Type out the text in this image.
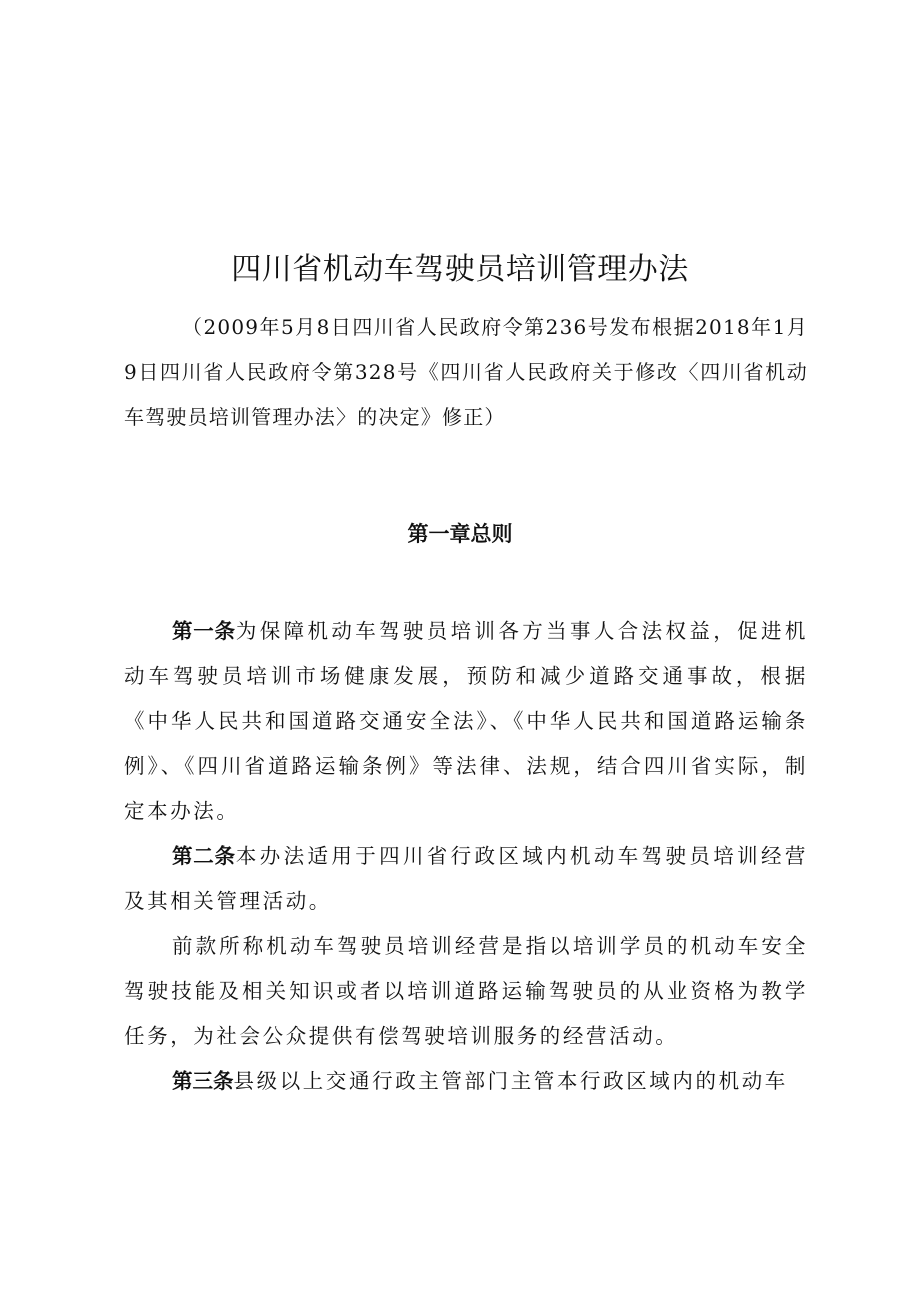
四川省机动车驾驶员培训管理办法
（2009年5月8日四川省人民政府令第236号发布根据2018年1月9日四川省人民政府令第328号《四川省人民政府关于修改〈四川省机动车驾驶员培训管理办法〉的决定》修正）
第一章总则

第一条为保障机动车驾驶员培训各方当事人合法权益，促进机动车驾驶员培训市场健康发展，预防和减少道路交通事故，根据《中华人民共和国道路交通安全法》、《中华人民共和国道路运输条例》、《四川省道路运输条例》等法律、法规，结合四川省实际，制定本办法。

第二条本办法适用于四川省行政区域内机动车驾驶员培训经营及其相关管理活动。

前款所称机动车驾驶员培训经营是指以培训学员的机动车安全驾驶技能及相关知识或者以培训道路运输驾驶员的从业资格为教学任务，为社会公众提供有偿驾驶培训服务的经营活动。

第三条县级以上交通行政主管部门主管本行政区域内的机动车
